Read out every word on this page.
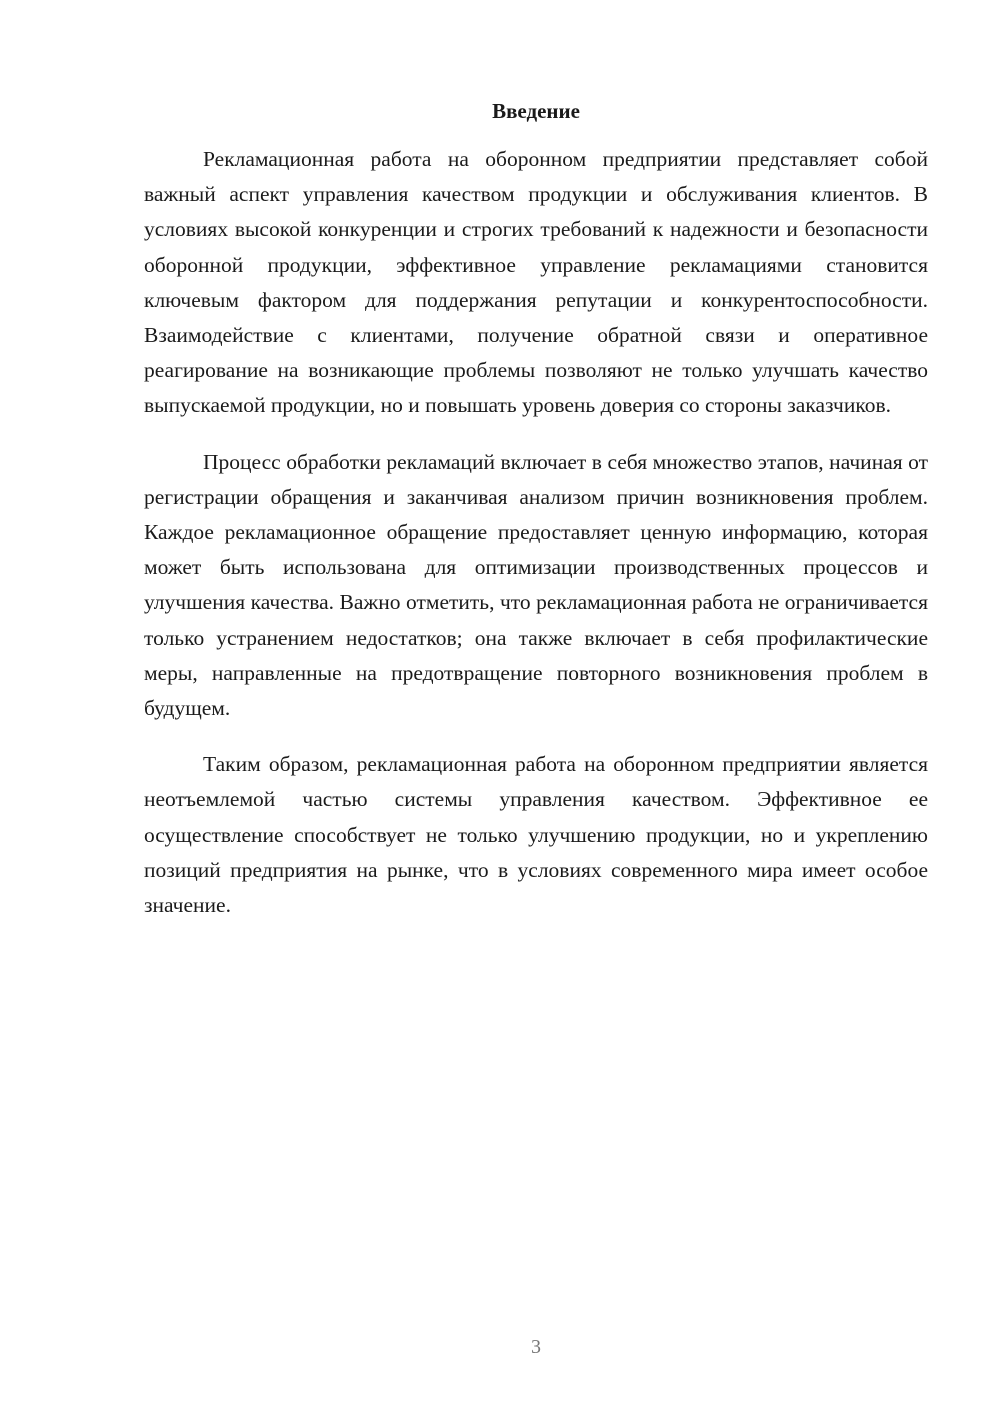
Введение

Рекламационная работа на оборонном предприятии представляет собой важный аспект управления качеством продукции и обслуживания клиентов. В условиях высокой конкуренции и строгих требований к надежности и безопасности оборонной продукции, эффективное управление рекламациями становится ключевым фактором для поддержания репутации и конкурентоспособности. Взаимодействие с клиентами, получение обратной связи и оперативное реагирование на возникающие проблемы позволяют не только улучшать качество выпускаемой продукции, но и повышать уровень доверия со стороны заказчиков.

Процесс обработки рекламаций включает в себя множество этапов, начиная от регистрации обращения и заканчивая анализом причин возникновения проблем. Каждое рекламационное обращение предоставляет ценную информацию, которая может быть использована для оптимизации производственных процессов и улучшения качества. Важно отметить, что рекламационная работа не ограничивается только устранением недостатков; она также включает в себя профилактические меры, направленные на предотвращение повторного возникновения проблем в будущем.

Таким образом, рекламационная работа на оборонном предприятии является неотъемлемой частью системы управления качеством. Эффективное ее осуществление способствует не только улучшению продукции, но и укреплению позиций предприятия на рынке, что в условиях современного мира имеет особое значение.

3
